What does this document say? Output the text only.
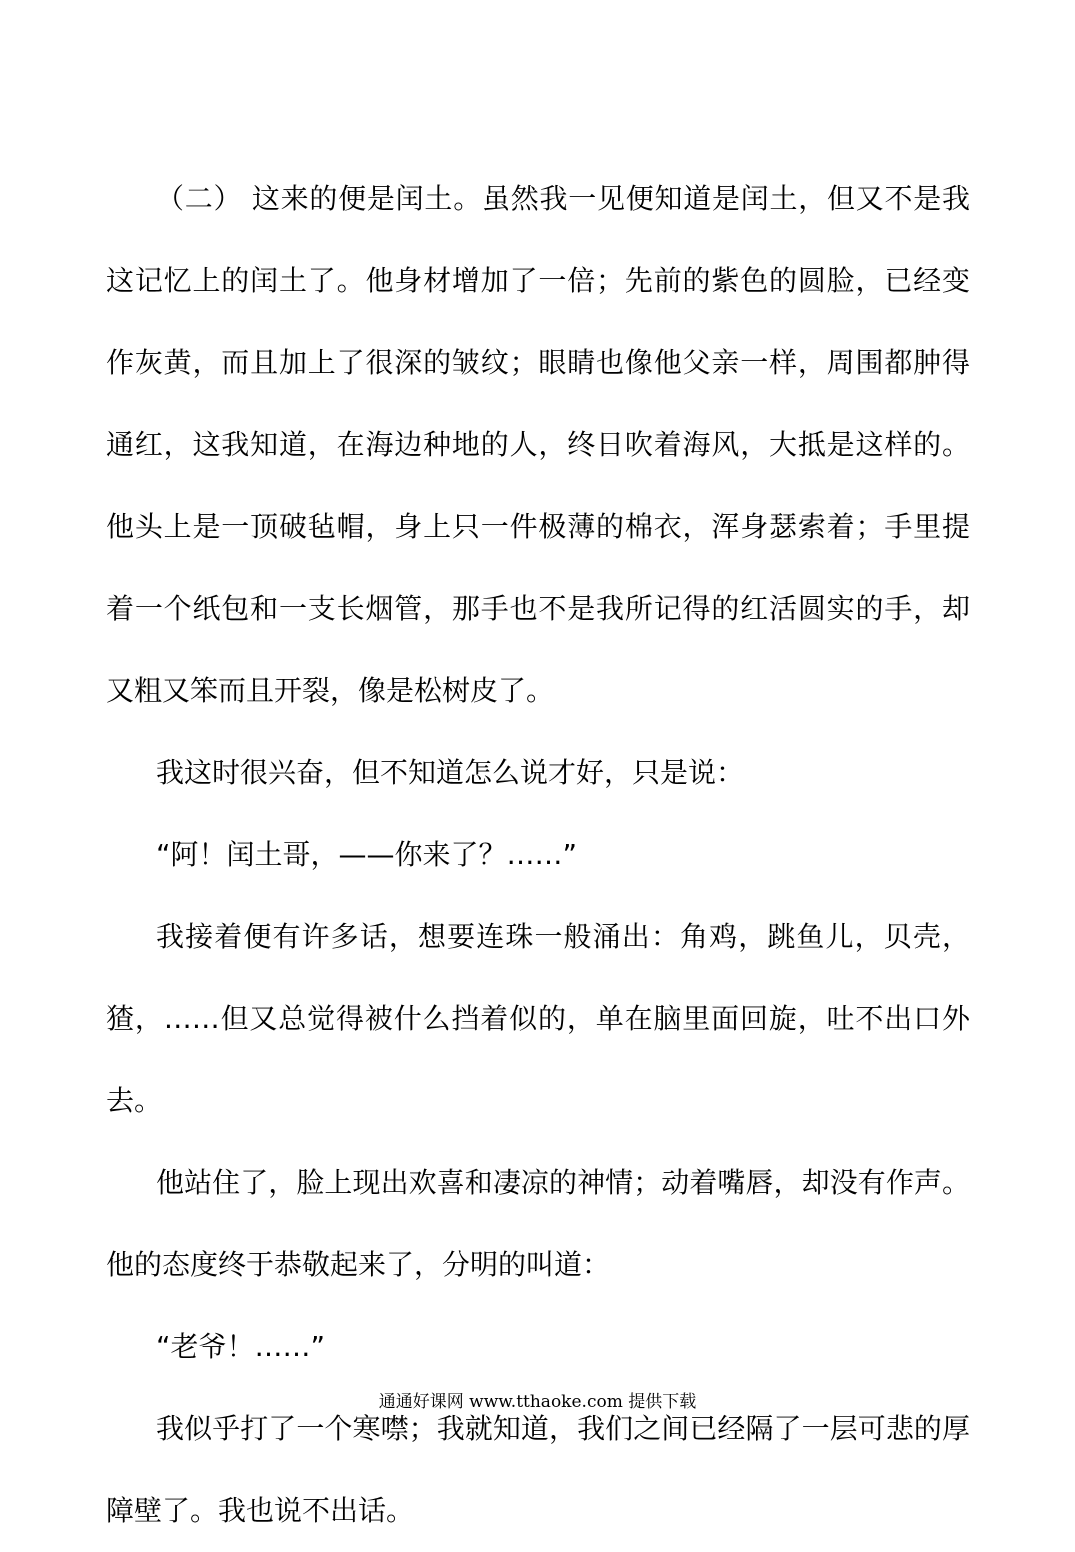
（二） 这来的便是闰土。虽然我一见便知道是闰土，但又不是我这记忆上的闰土了。他身材增加了一倍；先前的紫色的圆脸，已经变作灰黄，而且加上了很深的皱纹；眼睛也像他父亲一样，周围都肿得通红，这我知道，在海边种地的人，终日吹着海风，大抵是这样的。他头上是一顶破毡帽，身上只一件极薄的棉衣，浑身瑟索着；手里提着一个纸包和一支长烟管，那手也不是我所记得的红活圆实的手，却又粗又笨而且开裂，像是松树皮了。

我这时很兴奋，但不知道怎么说才好，只是说：

“阿！闰土哥，——你来了？……”

我接着便有许多话，想要连珠一般涌出：角鸡，跳鱼儿，贝壳，猹，……但又总觉得被什么挡着似的，单在脑里面回旋，吐不出口外去。

他站住了，脸上现出欢喜和凄凉的神情；动着嘴唇，却没有作声。他的态度终于恭敬起来了，分明的叫道：

“老爷！……”

我似乎打了一个寒噤；我就知道，我们之间已经隔了一层可悲的厚障壁了。我也说不出话。

通通好课网 www.tthaoke.com 提供下载
